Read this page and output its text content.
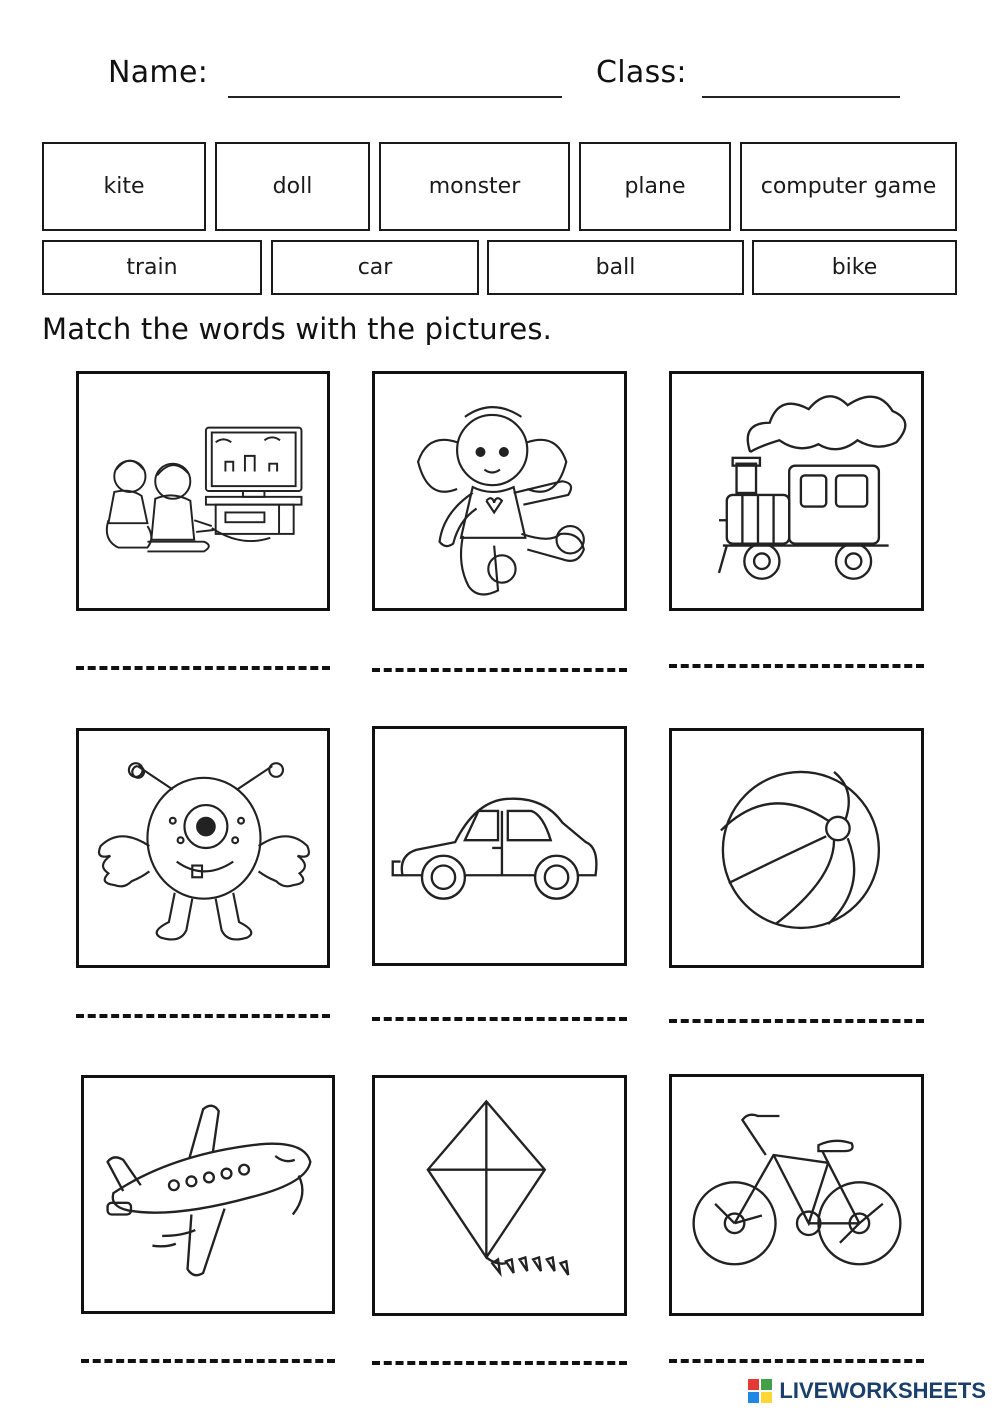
Name:	Class:
kite	doll	monster	plane	computer game
train	car	ball	bike
Match the words with the pictures.
LIVEWORKSHEETS
